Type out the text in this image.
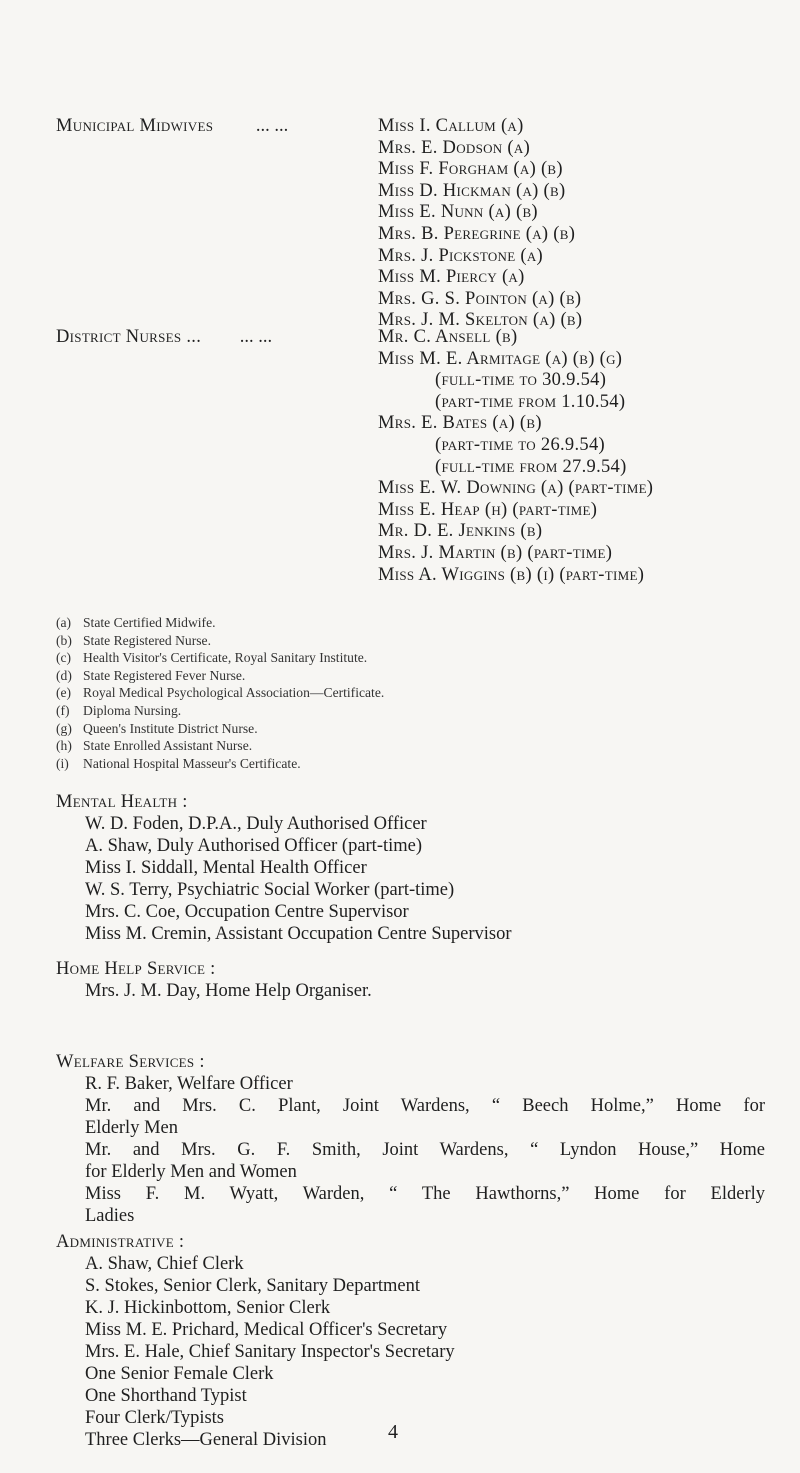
Municipal Midwives ... ...	Miss I. Callum (a)
Mrs. E. Dodson (a)
Miss F. Forgham (a) (b)
Miss D. Hickman (a) (b)
Miss E. Nunn (a) (b)
Mrs. B. Peregrine (a) (b)
Mrs. J. Pickstone (a)
Miss M. Piercy (a)
Mrs. G. S. Pointon (a) (b)
Mrs. J. M. Skelton (a) (b)
District Nurses ... ... ...	Mr. C. Ansell (b)
Miss M. E. Armitage (a) (b) (g)
(full-time to 30.9.54)
(part-time from 1.10.54)
Mrs. E. Bates (a) (b)
(part-time to 26.9.54)
(full-time from 27.9.54)
Miss E. W. Downing (a) (part-time)
Miss E. Heap (h) (part-time)
Mr. D. E. Jenkins (b)
Mrs. J. Martin (b) (part-time)
Miss A. Wiggins (b) (i) (part-time)
(a) State Certified Midwife.
(b) State Registered Nurse.
(c) Health Visitor's Certificate, Royal Sanitary Institute.
(d) State Registered Fever Nurse.
(e) Royal Medical Psychological Association—Certificate.
(f) Diploma Nursing.
(g) Queen's Institute District Nurse.
(h) State Enrolled Assistant Nurse.
(i)	National Hospital Masseur's Certificate.
Mental Health :
W. D. Foden, D.P.A., Duly Authorised Officer
A. Shaw, Duly Authorised Officer (part-time)
Miss I. Siddall, Mental Health Officer
W. S. Terry, Psychiatric Social Worker (part-time)
Mrs. C. Coe, Occupation Centre Supervisor
Miss M. Cremin, Assistant Occupation Centre Supervisor
Home Help Service :
Mrs. J. M. Day, Home Help Organiser.
Welfare Services :
R. F. Baker, Welfare Officer
Mr. and Mrs. C. Plant, Joint Wardens, “ Beech Holme,” Home for
Elderly Men
Mr. and Mrs. G. F. Smith, Joint Wardens, “ Lyndon House,” Home
for Elderly Men and Women
Miss F. M. Wyatt, Warden, “ The Hawthorns,” Home for Elderly
Ladies
Administrative :
A. Shaw, Chief Clerk
S. Stokes, Senior Clerk, Sanitary Department
K. J. Hickinbottom, Senior Clerk
Miss M. E. Prichard, Medical Officer's Secretary
Mrs. E. Hale, Chief Sanitary Inspector's Secretary
One Senior Female Clerk
One Shorthand Typist
Four Clerk/Typists
Three Clerks—General Division	4
